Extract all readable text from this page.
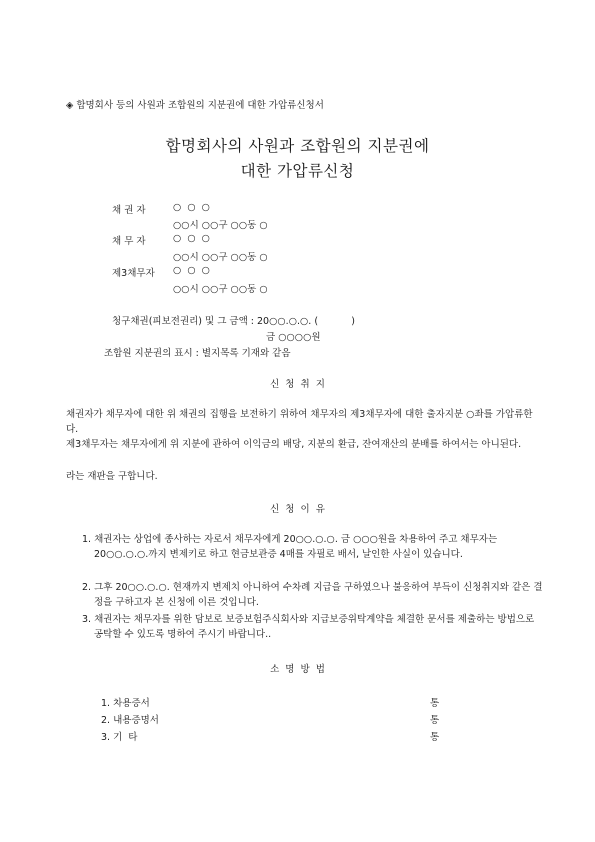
◈ 합명회사 등의 사원과 조합원의 지분권에 대한 가압류신청서
합명회사의 사원과 조합원의 지분권에
대한 가압류신청
채 권 자	○  ○  ○
○○시 ○○구 ○○동 ○
채 무 자	○  ○  ○
○○시 ○○구 ○○동 ○
제3채무자 ○  ○  ○
○○시 ○○구 ○○동 ○
청구채권(피보전권리) 및 그 금액 : 20○○.○.○. (           )
금 ○○○○원
조합원 지분권의 표시 : 별지목록 기재와 같음
신  청  취  지
채권자가 채무자에 대한 위 채권의 집행을 보전하기 위하여 채무자의 제3채무자에 대한 출자지분 ○좌를 가압류한다.
제3채무자는 채무자에게 위 지분에 관하여 이익금의 배당, 지분의 환급, 잔여재산의 분배를 하여서는 아니된다.
라는 재판을 구합니다.
신  청  이  유
1. 채권자는 상업에 종사하는 자로서 채무자에게 20○○.○.○. 금 ○○○원을 차용하여 주고 채무자는 20○○.○.○.까지 변제키로 하고 현금보관증 4매를 자필로 배서, 날인한 사실이 있습니다.
2. 그후 20○○.○.○. 현재까지 변제치 아니하여 수차례 지급을 구하였으나 불응하여 부득이 신청취지와 같은 결정을 구하고자 본 신청에 이른 것입니다.
3. 채권자는 채무자를 위한 담보로 보증보험주식회사와 지급보증위탁계약을 체결한 문서를 제출하는 방법으로 공탁할 수 있도록 명하여 주시기 바랍니다..
소  명  방  법
1. 차용증서	통
2. 내용증명서	통
3. 기  타	통
